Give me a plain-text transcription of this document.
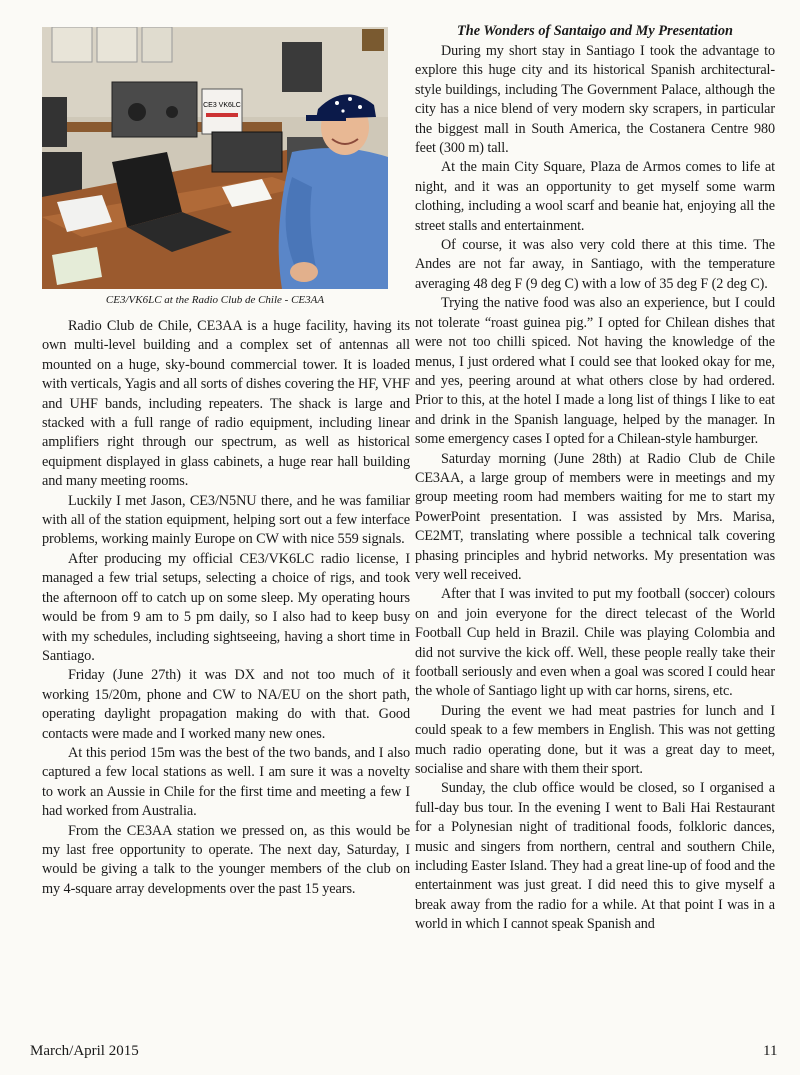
CE3 VK6LC
CE3/VK6LC at the Radio Club de Chile - CE3AA

Radio Club de Chile, CE3AA is a huge facility, having its own multi-level building and a complex set of antennas all mounted on a huge, sky-bound commercial tower. It is loaded with verticals, Yagis and all sorts of dishes covering the HF, VHF and UHF bands, including repeaters. The shack is large and stacked with a full range of radio equipment, including linear amplifiers right through our spectrum, as well as historical equipment displayed in glass cabinets, a huge rear hall building and many meeting rooms.

Luckily I met Jason, CE3/N5NU there, and he was familiar with all of the station equipment, helping sort out a few interface problems, working mainly Europe on CW with nice 559 signals.

After producing my official CE3/VK6LC radio license, I managed a few trial setups, selecting a choice of rigs, and took the afternoon off to catch up on some sleep. My operating hours would be from 9 am to 5 pm daily, so I also had to keep busy with my schedules, including sightseeing, having a short time in Santiago.

Friday (June 27th) it was DX and not too much of it working 15/20m, phone and CW to NA/EU on the short path, operating daylight propagation making do with that. Good contacts were made and I worked many new ones.

At this period 15m was the best of the two bands, and I also captured a few local stations as well. I am sure it was a novelty to work an Aussie in Chile for the first time and meeting a few I had worked from Australia.

From the CE3AA station we pressed on, as this would be my last free opportunity to operate. The next day, Saturday, I would be giving a talk to the younger members of the club on my 4-square array developments over the past 15 years.

The Wonders of Santaigo and My Presentation

During my short stay in Santiago I took the advantage to explore this huge city and its historical Spanish architectural-style buildings, including The Government Palace, although the city has a nice blend of very modern sky scrapers, in particular the biggest mall in South America, the Costanera Centre 980 feet (300 m) tall.

At the main City Square, Plaza de Armos comes to life at night, and it was an opportunity to get myself some warm clothing, including a wool scarf and beanie hat, enjoying all the street stalls and entertainment.

Of course, it was also very cold there at this time. The Andes are not far away, in Santiago, with the temperature averaging 48 deg F (9 deg C) with a low of 35 deg F (2 deg C).

Trying the native food was also an experience, but I could not tolerate “roast guinea pig.” I opted for Chilean dishes that were not too chilli spiced. Not having the knowledge of the menus, I just ordered what I could see that looked okay for me, and yes, peering around at what others close by had ordered. Prior to this, at the hotel I made a long list of things I like to eat and drink in the Spanish language, helped by the manager. In some emergency cases I opted for a Chilean-style hamburger.

Saturday morning (June 28th) at Radio Club de Chile CE3AA, a large group of members were in meetings and my group meeting room had members waiting for me to start my PowerPoint presentation. I was assisted by Mrs. Marisa, CE2MT, translating where possible a technical talk covering phasing principles and hybrid networks. My presentation was very well received.

After that I was invited to put my football (soccer) colours on and join everyone for the direct telecast of the World Football Cup held in Brazil. Chile was playing Colombia and did not survive the kick off. Well, these people really take their football seriously and even when a goal was scored I could hear the whole of Santiago light up with car horns, sirens, etc.

During the event we had meat pastries for lunch and I could speak to a few members in English. This was not getting much radio operating done, but it was a great day to meet, socialise and share with them their sport.

Sunday, the club office would be closed, so I organised a full-day bus tour. In the evening I went to Bali Hai Restaurant for a Polynesian night of traditional foods, folkloric dances, music and singers from northern, central and southern Chile, including Easter Island. They had a great line-up of food and the entertainment was just great. I did need this to give myself a break away from the radio for a while. At that point I was in a world in which I cannot speak Spanish and

March/April 2015	11
